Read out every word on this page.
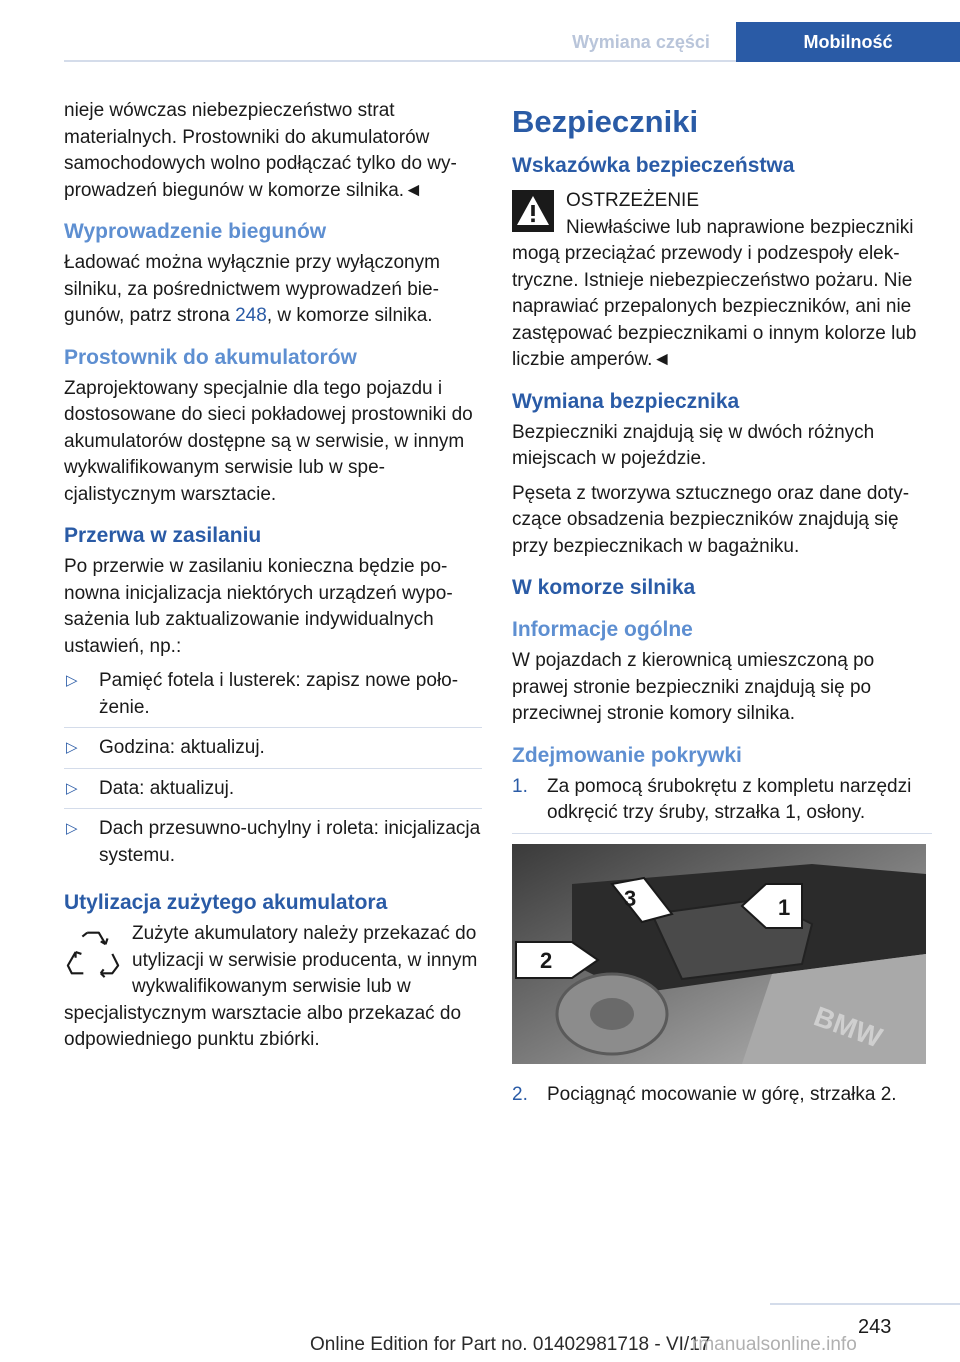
Wymiana części	Mobilność

nieje wówczas niebezpieczeństwo strat materialnych. Prostowniki do akumulatorów samochodowych wolno podłączać tylko do wyprowadzeń biegunów w komorze silnika.◄

Wyprowadzenie biegunów

Ładować można wyłącznie przy wyłączonym silniku, za pośrednictwem wyprowadzeń biegunów, patrz strona 248, w komorze silnika.

Prostownik do akumulatorów

Zaprojektowany specjalnie dla tego pojazdu i dostosowane do sieci pokładowej prostowniki do akumulatorów dostępne są w serwisie, w innym wykwalifikowanym serwisie lub w specjalistycznym warsztacie.

Przerwa w zasilaniu

Po przerwie w zasilaniu konieczna będzie ponowna inicjalizacja niektórych urządzeń wyposażenia lub zaktualizowanie indywidualnych ustawień, np.:

▷ Pamięć fotela i lusterek: zapisz nowe położenie.
▷ Godzina: aktualizuj.
▷ Data: aktualizuj.
▷ Dach przesuwno-uchylny i roleta: inicjalizacja systemu.
Utylizacja zużytego akumulatora

Zużyte akumulatory należy przekazać do utylizacji w serwisie producenta, w innym wykwalifikowanym serwisie lub w specjalistycznym warsztacie albo przekazać do odpowiedniego punktu zbiórki.

Bezpieczniki
Wskazówka bezpieczeństwa
OSTRZEŻENIE

Niewłaściwe lub naprawione bezpieczniki mogą przeciążać przewody i podzespoły elektryczne. Istnieje niebezpieczeństwo pożaru. Nie naprawiać przepalonych bezpieczników, ani nie zastępować bezpiecznikami o innym kolorze lub liczbie amperów.◄

Wymiana bezpiecznika

Bezpieczniki znajdują się w dwóch różnych miejscach w pojeździe.

Pęseta z tworzywa sztucznego oraz dane dotyczące obsadzenia bezpieczników znajdują się przy bezpiecznikach w bagażniku.

W komorze silnika
Informacje ogólne

W pojazdach z kierownicą umieszczoną po prawej stronie bezpieczniki znajdują się po przeciwnej stronie komory silnika.

Zdejmowanie pokrywki
1. Za pomocą śrubokrętu z kompletu narzędzi odkręcić trzy śruby, strzałka 1, osłony.
BMW
1
2
3
2. Pociągnąć mocowanie w górę, strzałka 2.
243
Online Edition for Part no. 01402981718 - VI/17
rmanualsonline.info
